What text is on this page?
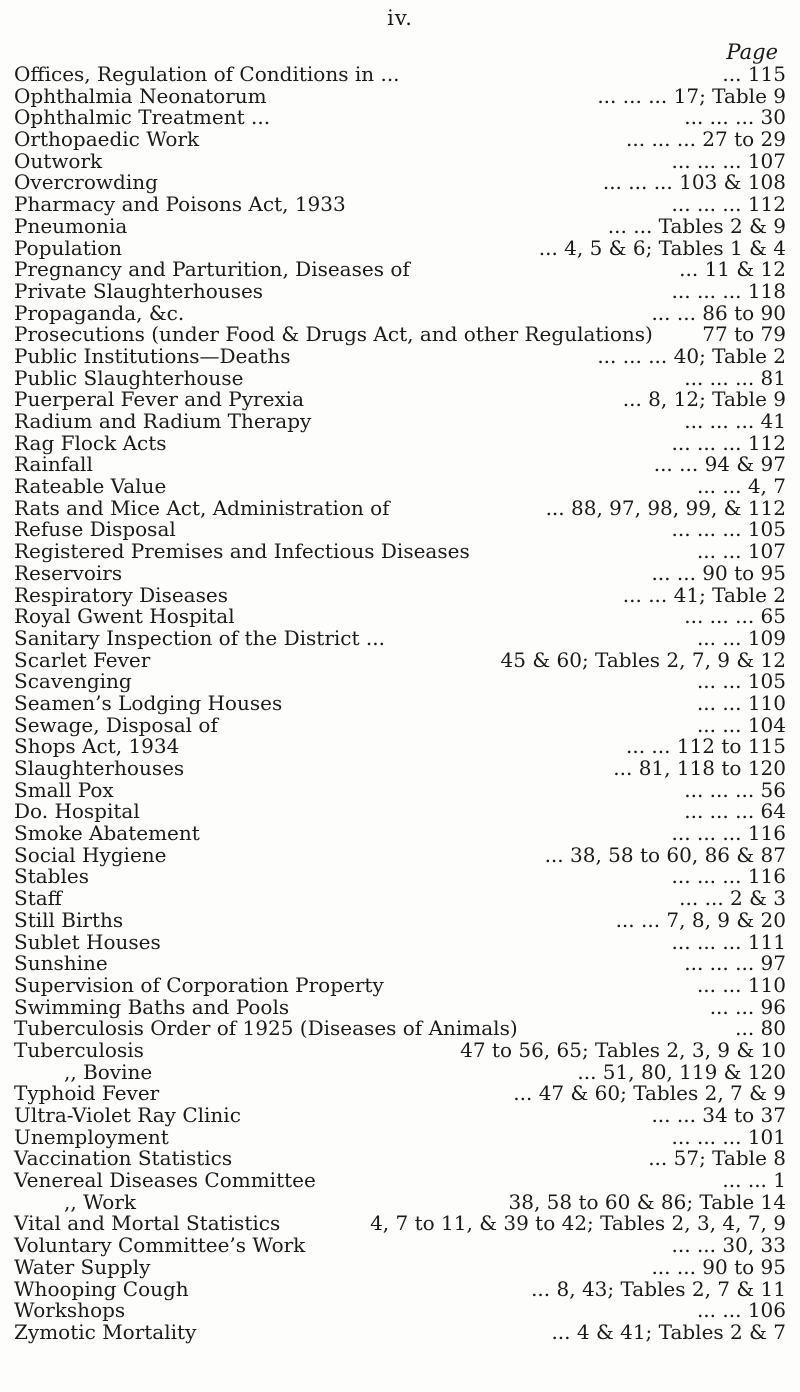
iv.
Page
Offices, Regulation of Conditions in ...	... 115
Ophthalmia Neonatorum	... ... ... 17; Table 9
Ophthalmic Treatment ...	... ... ... 30
Orthopaedic Work	... ... ... 27 to 29
Outwork	... ... ... 107
Overcrowding	... ... ... 103 & 108
Pharmacy and Poisons Act, 1933	... ... ... 112
Pneumonia	... ... Tables 2 & 9
Population	... 4, 5 & 6; Tables 1 & 4
Pregnancy and Parturition, Diseases of	... 11 & 12
Private Slaughterhouses	... ... ... 118
Propaganda, &c.	... ... 86 to 90
Prosecutions (under Food & Drugs Act, and other Regulations) 77 to 79
Public Institutions—Deaths	... ... ... 40; Table 2
Public Slaughterhouse	... ... ... 81
Puerperal Fever and Pyrexia	... 8, 12; Table 9
Radium and Radium Therapy	... ... ... 41
Rag Flock Acts	... ... ... 112
Rainfall	... ... 94 & 97
Rateable Value	... ... 4, 7
Rats and Mice Act, Administration of	... 88, 97, 98, 99, & 112
Refuse Disposal	... ... ... 105
Registered Premises and Infectious Diseases	... ... 107
Reservoirs	... ... 90 to 95
Respiratory Diseases	... ... 41; Table 2
Royal Gwent Hospital	... ... ... 65
Sanitary Inspection of the District ...	... ... 109
Scarlet Fever	45 & 60; Tables 2, 7, 9 & 12
Scavenging	... ... 105
Seamen’s Lodging Houses	... ... 110
Sewage, Disposal of	... ... 104
Shops Act, 1934	... ... 112 to 115
Slaughterhouses	... 81, 118 to 120
Small Pox	... ... ... 56
Do. Hospital	... ... ... 64
Smoke Abatement	... ... ... 116
Social Hygiene	... 38, 58 to 60, 86 & 87
Stables	... ... ... 116
Staff	... ... 2 & 3
Still Births	... ... 7, 8, 9 & 20
Sublet Houses	... ... ... 111
Sunshine	... ... ... 97
Supervision of Corporation Property	... ... 110
Swimming Baths and Pools	... ... 96
Tuberculosis Order of 1925 (Diseases of Animals)	... 80
Tuberculosis	47 to 56, 65; Tables 2, 3, 9 & 10
,, Bovine	... 51, 80, 119 & 120
Typhoid Fever	... 47 & 60; Tables 2, 7 & 9
Ultra-Violet Ray Clinic	... ... 34 to 37
Unemployment	... ... ... 101
Vaccination Statistics	... 57; Table 8
Venereal Diseases Committee	... ... 1
,, Work	38, 58 to 60 & 86; Table 14
Vital and Mortal Statistics	4, 7 to 11, & 39 to 42; Tables 2, 3, 4, 7, 9
Voluntary Committee’s Work	... ... 30, 33
Water Supply	... ... 90 to 95
Whooping Cough	... 8, 43; Tables 2, 7 & 11
Workshops	... ... 106
Zymotic Mortality	... 4 & 41; Tables 2 & 7
